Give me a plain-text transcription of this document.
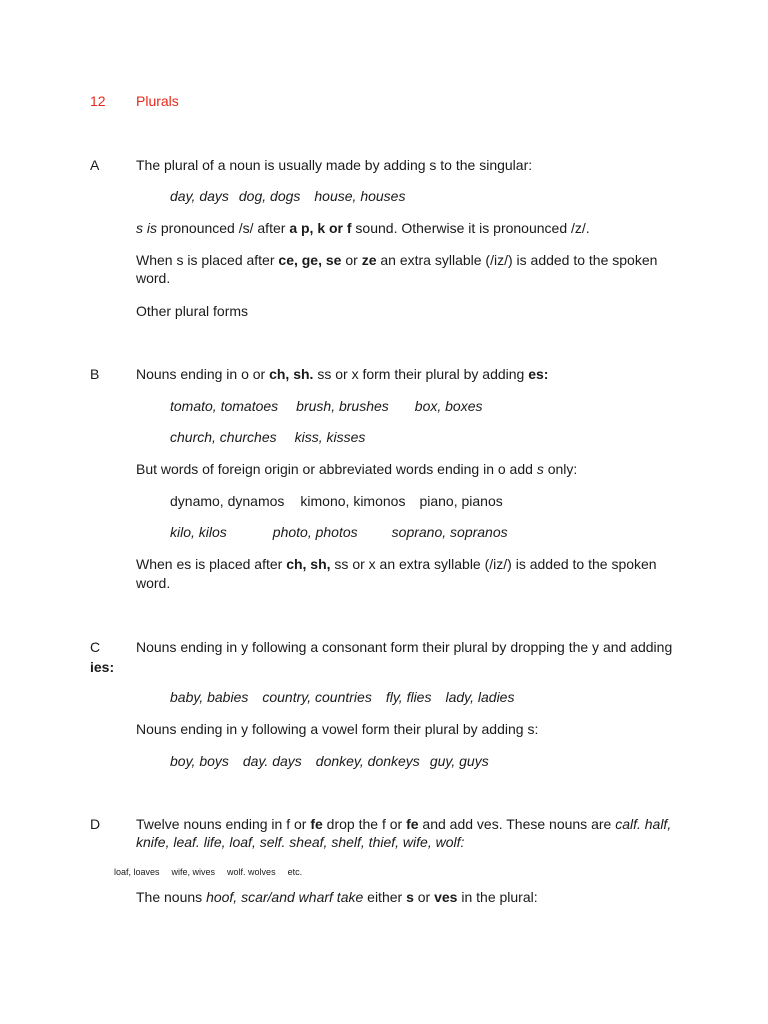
12 Plurals
A	The plural of a noun is usually made by adding s to the singular:
day, days dog, dogs house, houses
s is pronounced /s/ after a p, k or f sound. Otherwise it is pronounced /z/.
When s is placed after ce, ge, se or ze an extra syllable (/iz/) is added to the spoken
word.
Other plural forms
B	Nouns ending in o or ch, sh. ss or x form their plural by adding es:
tomato, tomatoes brush, brushes box, boxes
church, churches kiss, kisses
But words of foreign origin or abbreviated words ending in o add s only:
dynamo, dynamos kimono, kimonos piano, pianos
kilo, kilos	photo, photos soprano, sopranos
When es is placed after ch, sh, ss or x an extra syllable (/iz/) is added to the spoken
word.
C	Nouns ending in y following a consonant form their plural by dropping the y and adding
ies:
baby, babies country, countries fly, flies lady, ladies
Nouns ending in y following a vowel form their plural by adding s:
boy, boys day. days donkey, donkeys guy, guys
D	Twelve nouns ending in f or fe drop the f or fe and add ves. These nouns are calf. half,
knife, leaf. life, loaf, self. sheaf, shelf, thief, wife, wolf:
loaf, loaves wife, wives wolf. wolves etc.
The nouns hoof, scar/and wharf take either s or ves in the plural:
